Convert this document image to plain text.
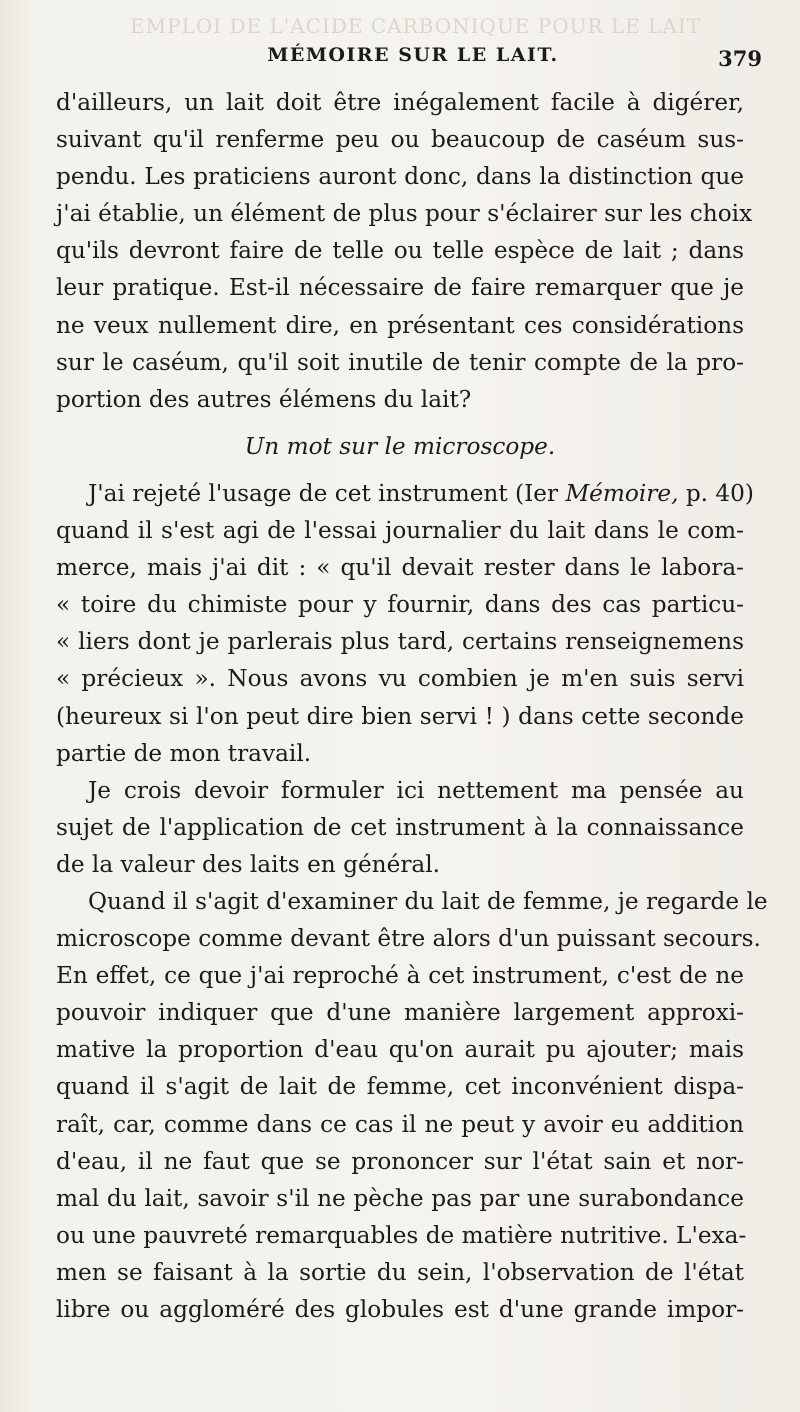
EMPLOI DE L'ACIDE CARBONIQUE POUR LE LAIT
MÉMOIRE SUR LE LAIT.	379
d'ailleurs, un lait doit être inégalement facile à digérer,
suivant qu'il renferme peu ou beaucoup de caséum sus-
pendu. Les praticiens auront donc, dans la distinction que
j'ai établie, un élément de plus pour s'éclairer sur les choix
qu'ils devront faire de telle ou telle espèce de lait ; dans
leur pratique. Est-il nécessaire de faire remarquer que je
ne veux nullement dire, en présentant ces considérations
sur le caséum, qu'il soit inutile de tenir compte de la pro-
portion des autres élémens du lait?
Un mot sur le microscope.
J'ai rejeté l'usage de cet instrument (Ier Mémoire, p. 40)
quand il s'est agi de l'essai journalier du lait dans le com-
merce, mais j'ai dit : « qu'il devait rester dans le labora-
« toire du chimiste pour y fournir, dans des cas particu-
« liers dont je parlerais plus tard, certains renseignemens
« précieux ». Nous avons vu combien je m'en suis servi
(heureux si l'on peut dire bien servi ! ) dans cette seconde
partie de mon travail.
Je crois devoir formuler ici nettement ma pensée au
sujet de l'application de cet instrument à la connaissance
de la valeur des laits en général.
Quand il s'agit d'examiner du lait de femme, je regarde le
microscope comme devant être alors d'un puissant secours.
En effet, ce que j'ai reproché à cet instrument, c'est de ne
pouvoir indiquer que d'une manière largement approxi-
mative la proportion d'eau qu'on aurait pu ajouter; mais
quand il s'agit de lait de femme, cet inconvénient dispa-
raît, car, comme dans ce cas il ne peut y avoir eu addition
d'eau, il ne faut que se prononcer sur l'état sain et nor-
mal du lait, savoir s'il ne pèche pas par une surabondance
ou une pauvreté remarquables de matière nutritive. L'exa-
men se faisant à la sortie du sein, l'observation de l'état
libre ou aggloméré des globules est d'une grande impor-
